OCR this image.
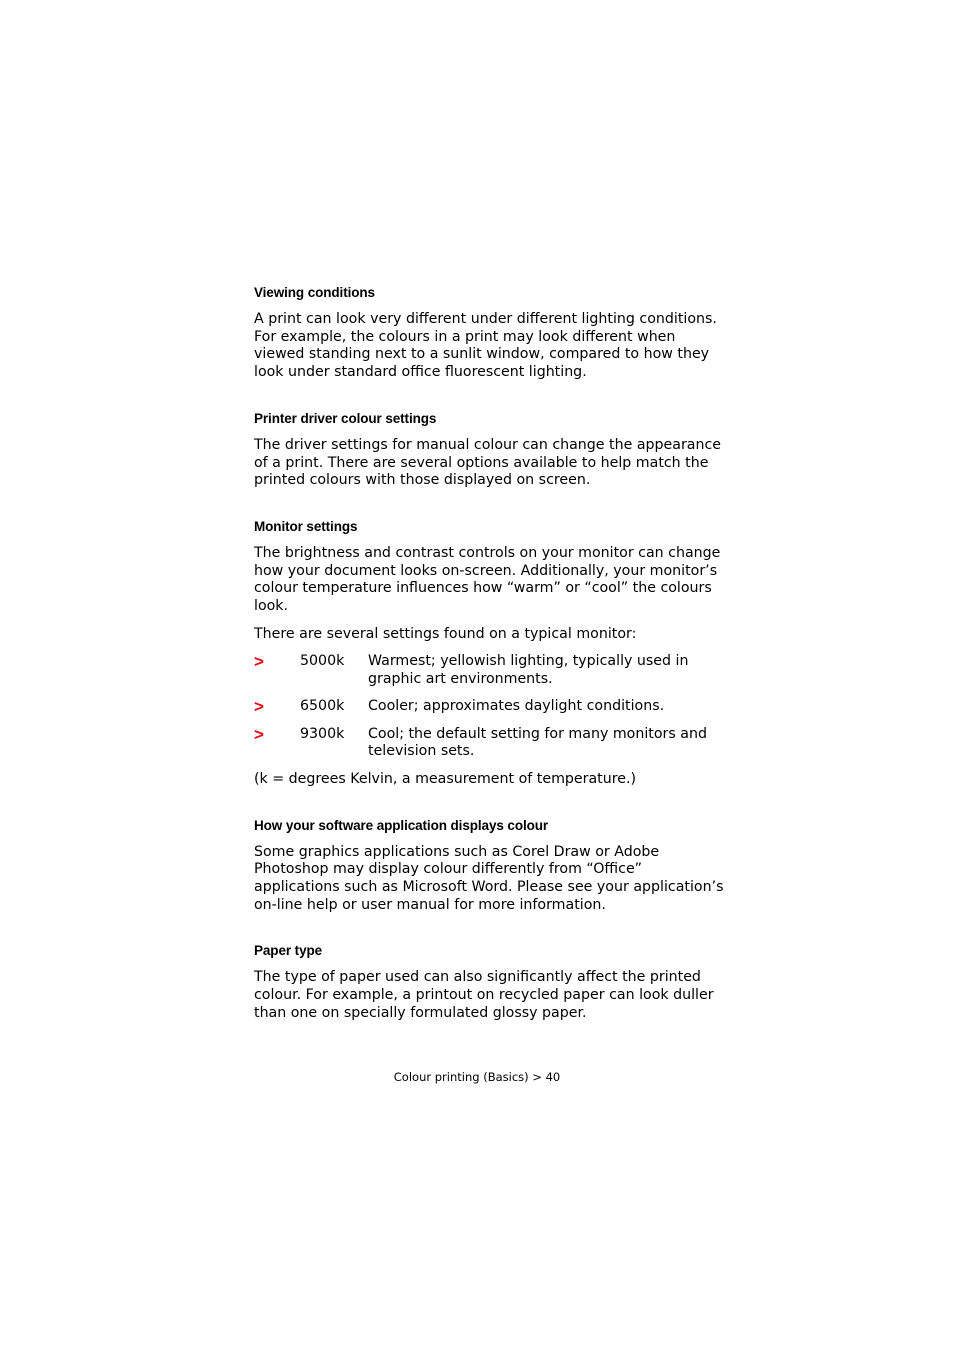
Viewing conditions

A print can look very different under different lighting conditions. For example, the colours in a print may look different when viewed standing next to a sunlit window, compared to how they look under standard office fluorescent lighting.

Printer driver colour settings

The driver settings for manual colour can change the appearance of a print. There are several options available to help match the printed colours with those displayed on screen.

Monitor settings

The brightness and contrast controls on your monitor can change how your document looks on-screen. Additionally, your monitor’s colour temperature influences how “warm” or “cool” the colours look.

There are several settings found on a typical monitor:

>	5000k	Warmest; yellowish lighting, typically used in graphic art environments.
>	6500k	Cooler; approximates daylight conditions.
>	9300k	Cool; the default setting for many monitors and television sets.

(k = degrees Kelvin, a measurement of temperature.)

How your software application displays colour

Some graphics applications such as Corel Draw or Adobe Photoshop may display colour differently from “Office” applications such as Microsoft Word. Please see your application’s on-line help or user manual for more information.

Paper type

The type of paper used can also significantly affect the printed colour. For example, a printout on recycled paper can look duller than one on specially formulated glossy paper.

Colour printing (Basics) > 40
